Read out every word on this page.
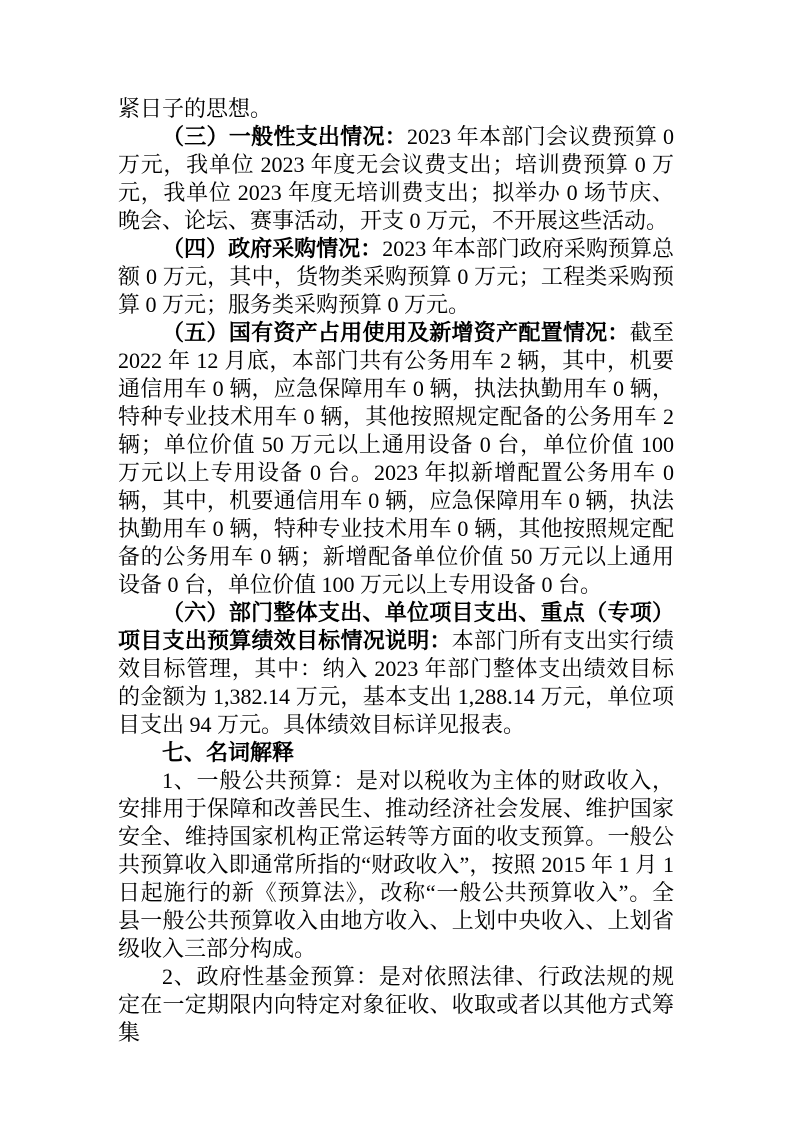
紧日子的思想。

（三）一般性支出情况：2023 年本部门会议费预算 0 万元，我单位 2023 年度无会议费支出；培训费预算 0 万元，我单位 2023 年度无培训费支出；拟举办 0 场节庆、晚会、论坛、赛事活动，开支 0 万元，不开展这些活动。

（四）政府采购情况：2023 年本部门政府采购预算总额 0 万元，其中，货物类采购预算 0 万元；工程类采购预算 0 万元；服务类采购预算 0 万元。

（五）国有资产占用使用及新增资产配置情况：截至 2022 年 12 月底，本部门共有公务用车 2 辆，其中，机要通信用车 0 辆，应急保障用车 0 辆，执法执勤用车 0 辆，特种专业技术用车 0 辆，其他按照规定配备的公务用车 2 辆；单位价值 50 万元以上通用设备 0 台，单位价值 100 万元以上专用设备 0 台。2023 年拟新增配置公务用车 0 辆，其中，机要通信用车 0 辆，应急保障用车 0 辆，执法执勤用车 0 辆，特种专业技术用车 0 辆，其他按照规定配备的公务用车 0 辆；新增配备单位价值 50 万元以上通用设备 0 台，单位价值 100 万元以上专用设备 0 台。

（六）部门整体支出、单位项目支出、重点（专项）项目支出预算绩效目标情况说明：本部门所有支出实行绩效目标管理，其中：纳入 2023 年部门整体支出绩效目标的金额为 1,382.14 万元，基本支出 1,288.14 万元，单位项目支出 94 万元。具体绩效目标详见报表。

七、名词解释

1、一般公共预算：是对以税收为主体的财政收入，安排用于保障和改善民生、推动经济社会发展、维护国家安全、维持国家机构正常运转等方面的收支预算。一般公共预算收入即通常所指的“财政收入”，按照 2015 年 1 月 1 日起施行的新《预算法》，改称“一般公共预算收入”。全县一般公共预算收入由地方收入、上划中央收入、上划省级收入三部分构成。

2、政府性基金预算：是对依照法律、行政法规的规定在一定期限内向特定对象征收、收取或者以其他方式筹集
